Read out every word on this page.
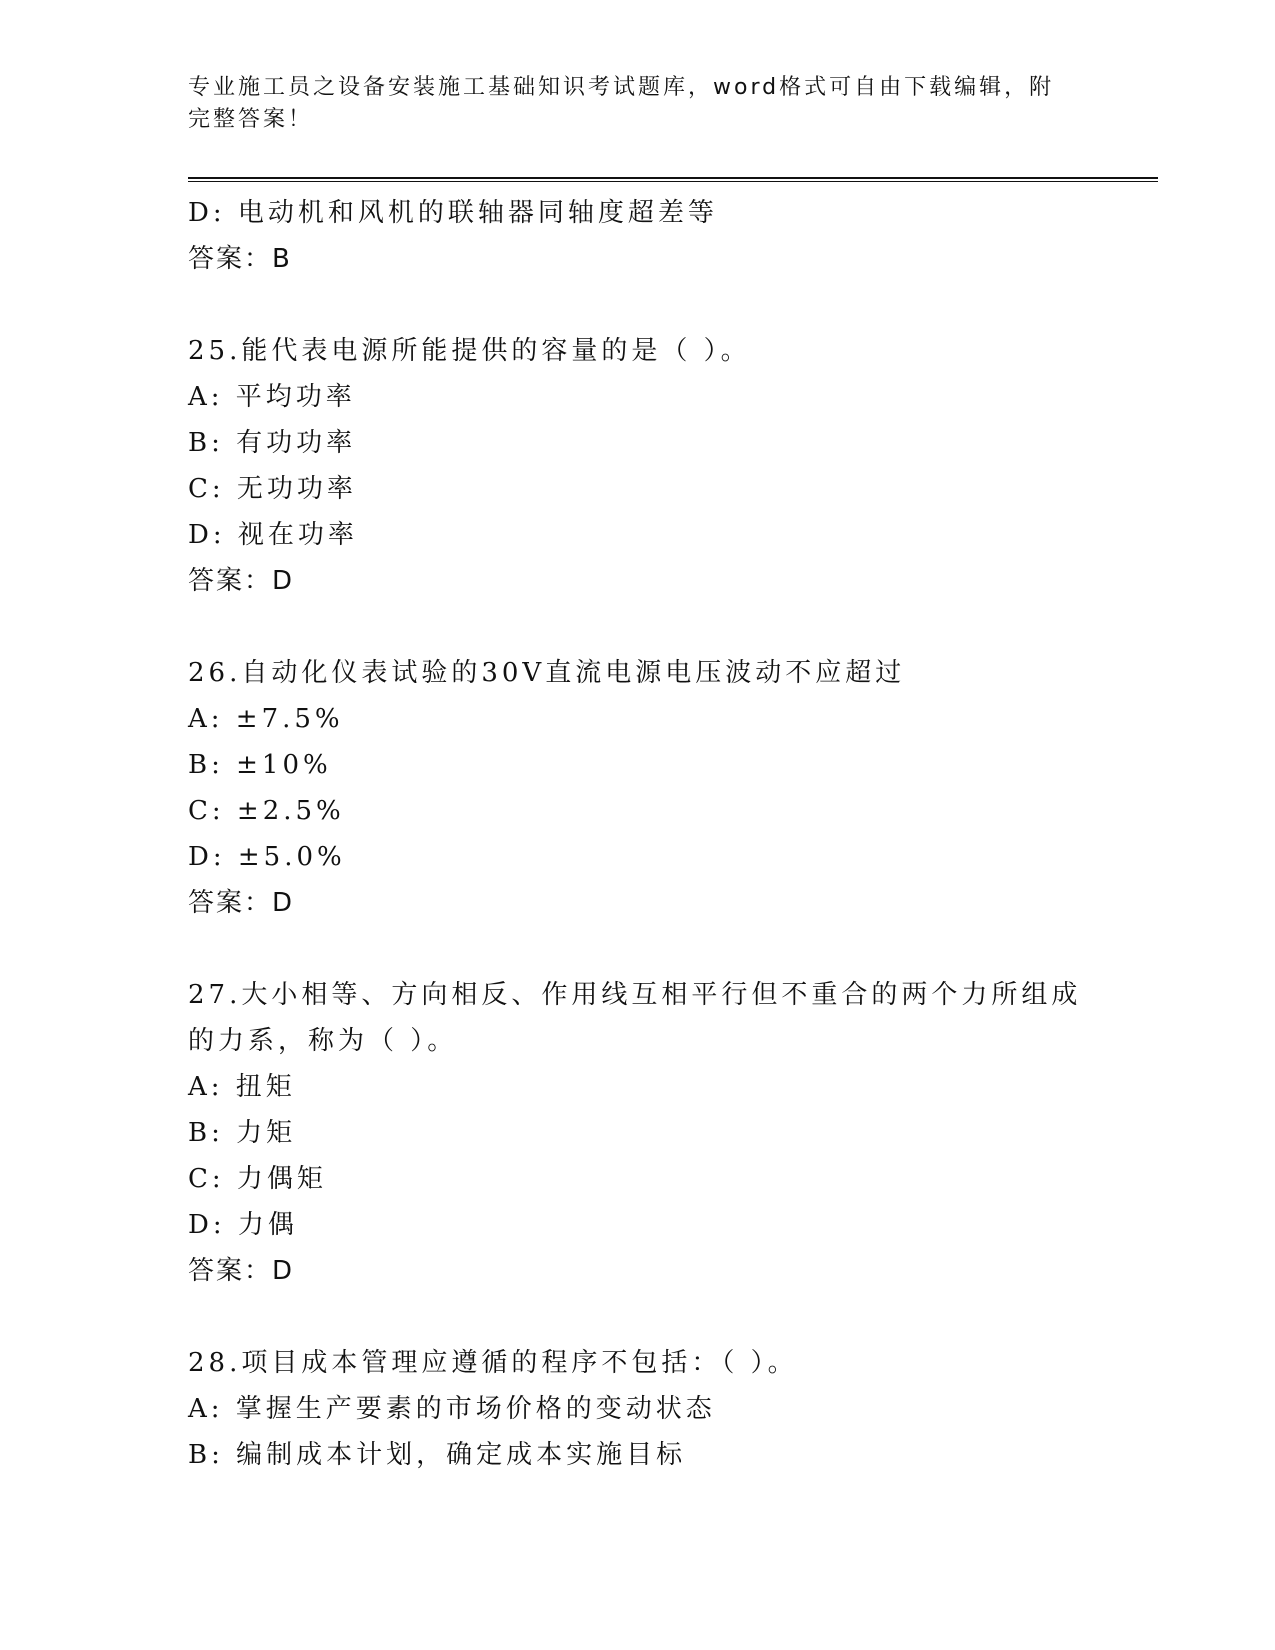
专业施工员之设备安装施工基础知识考试题库，word格式可自由下载编辑，附完整答案！
D: 电动机和风机的联轴器同轴度超差等
答案：B
25.能代表电源所能提供的容量的是（ ）。
A: 平均功率
B: 有功功率
C: 无功功率
D: 视在功率
答案：D
26.自动化仪表试验的30V直流电源电压波动不应超过
A: ±7.5%
B: ±10%
C: ±2.5%
D: ±5.0%
答案：D
27.大小相等、方向相反、作用线互相平行但不重合的两个力所组成的力系，称为（ ）。
A: 扭矩
B: 力矩
C: 力偶矩
D: 力偶
答案：D
28.项目成本管理应遵循的程序不包括：（ ）。
A: 掌握生产要素的市场价格的变动状态
B: 编制成本计划，确定成本实施目标
